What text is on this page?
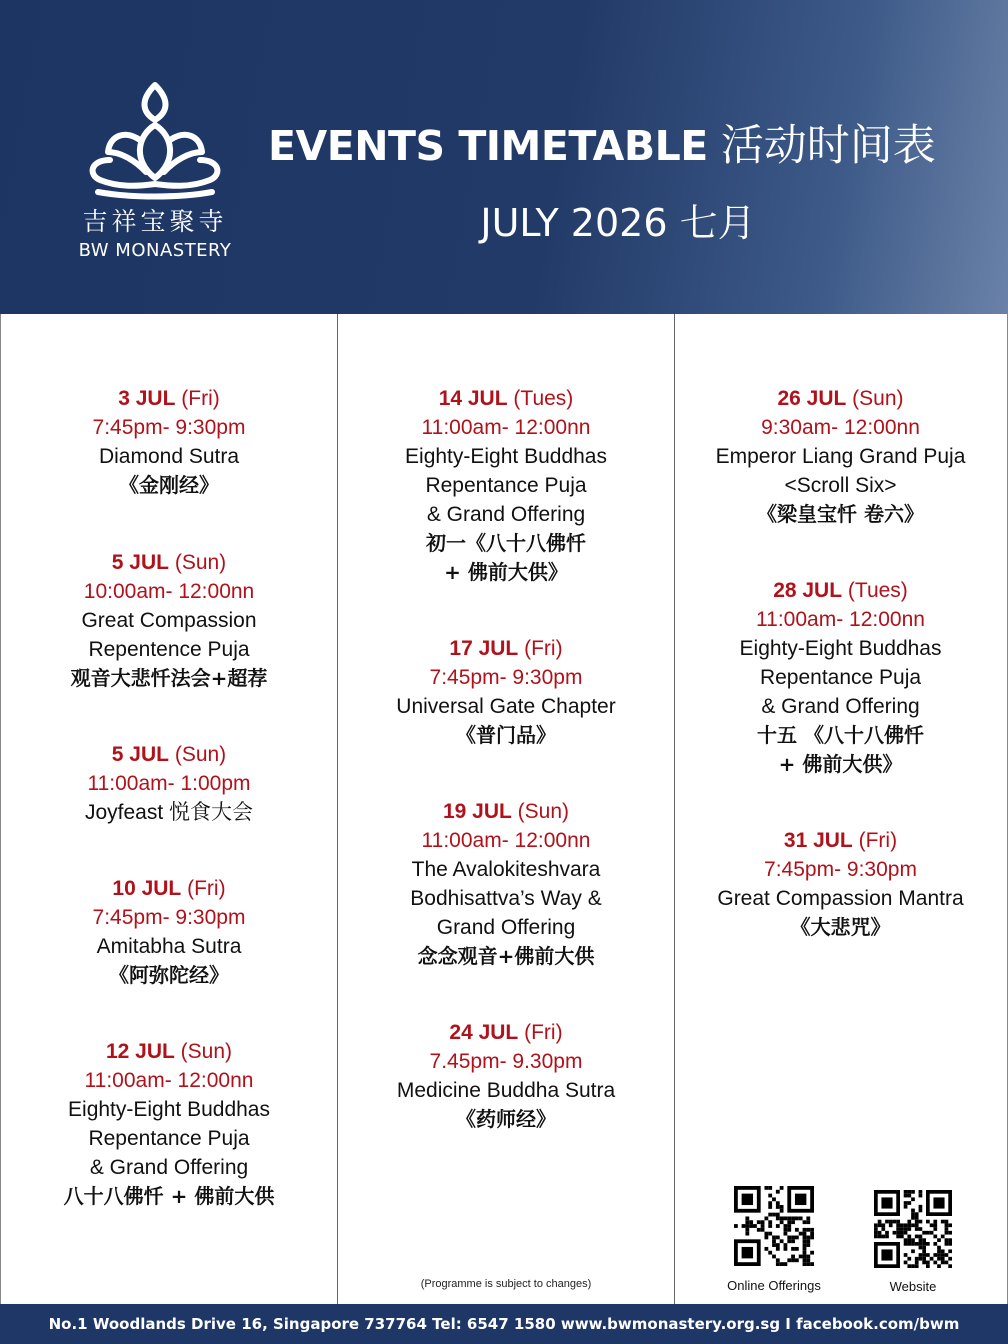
吉祥宝聚寺
BW MONASTERY
EVENTS TIMETABLE 活动时间表
JULY 2026 七月
3 JUL (Fri)
7:45pm- 9:30pm
Diamond Sutra
《金刚经》
5 JUL (Sun)
10:00am- 12:00nn
Great Compassion
Repentence Puja
观音大悲忏法会+超荐
5 JUL (Sun)
11:00am- 1:00pm
Joyfeast 悦食大会
10 JUL (Fri)
7:45pm- 9:30pm
Amitabha Sutra
《阿弥陀经》
12 JUL (Sun)
11:00am- 12:00nn
Eighty-Eight Buddhas
Repentance Puja
& Grand Offering
八十八佛忏 + 佛前大供
(Programme is subject to changes)
14 JUL (Tues)
11:00am- 12:00nn
Eighty-Eight Buddhas
Repentance Puja
& Grand Offering
初一《八十八佛忏
+ 佛前大供》
17 JUL (Fri)
7:45pm- 9:30pm
Universal Gate Chapter
《普门品》
19 JUL (Sun)
11:00am- 12:00nn
The Avalokiteshvara
Bodhisattva’s Way &
Grand Offering
念念观音+佛前大供
24 JUL (Fri)
7.45pm- 9.30pm
Medicine Buddha Sutra
《药师经》
Online Offerings	Website
26 JUL (Sun)
9:30am- 12:00nn
Emperor Liang Grand Puja
<Scroll Six>
《梁皇宝忏 卷六》
28 JUL (Tues)
11:00am- 12:00nn
Eighty-Eight Buddhas
Repentance Puja
& Grand Offering
十五 《八十八佛忏
+ 佛前大供》
31 JUL (Fri)
7:45pm- 9:30pm
Great Compassion Mantra
《大悲咒》
No.1 Woodlands Drive 16, Singapore 737764 Tel: 6547 1580 www.bwmonastery.org.sg I facebook.com/bwm
